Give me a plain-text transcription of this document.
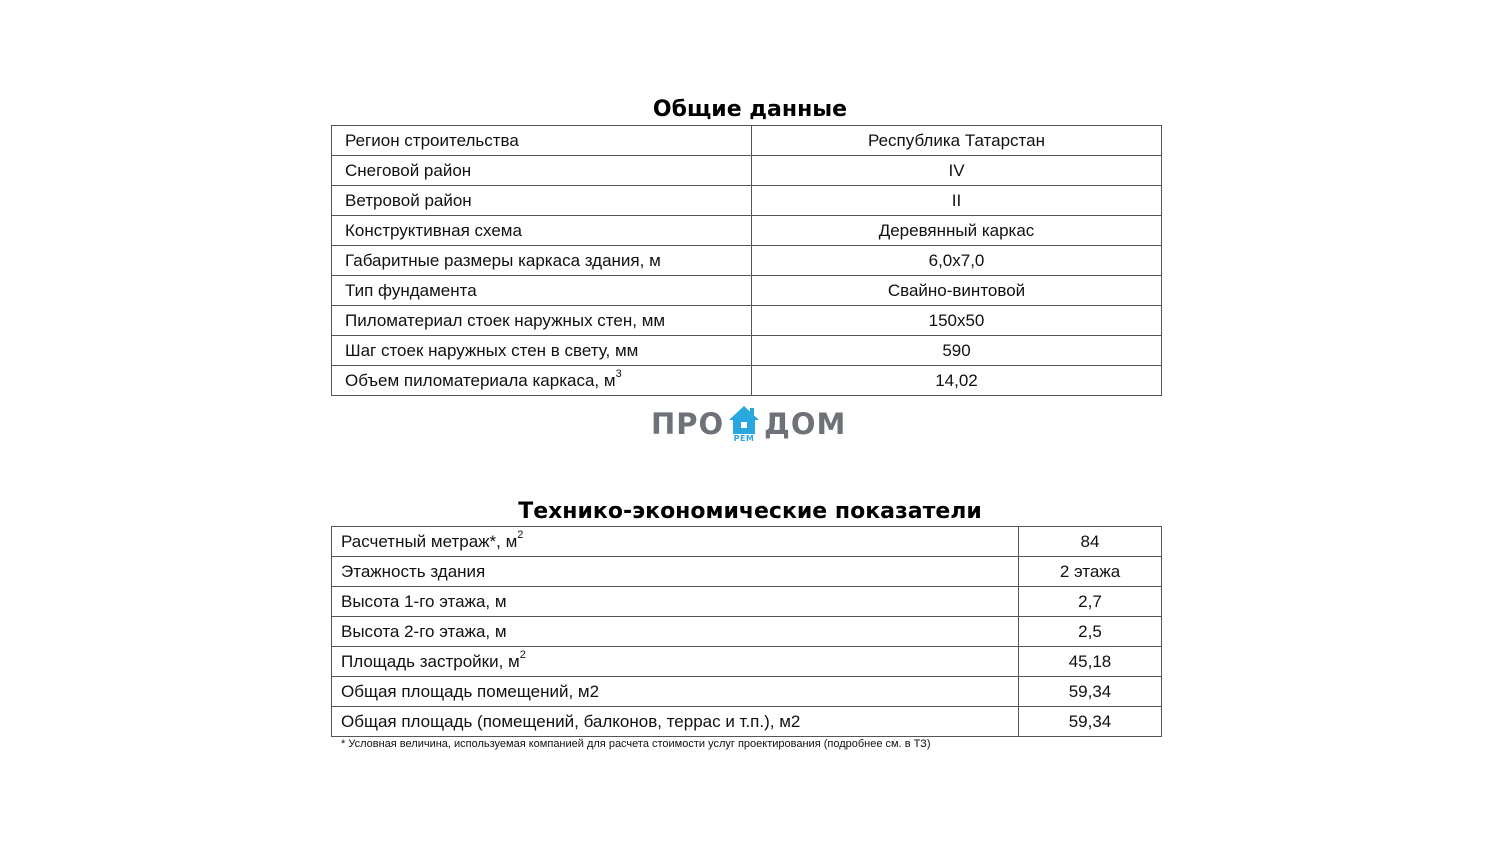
Общие данные
Регион строительства	Республика Татарстан
Снеговой район	IV
Ветровой район	II
Конструктивная схема	Деревянный каркас
Габаритные размеры каркаса здания, м	6,0х7,0
Тип фундамента	Свайно-винтовой
Пиломатериал стоек наружных стен, мм	150х50
Шаг стоек наружных стен в свету, мм	590
Объем пиломатериала каркаса, $м^3$	14,02
ПРО	РЕМ ДОМ
Технико-экономические показатели
Расчетный метраж*, $м^2$	84
Этажность здания	2 этажа
Высота 1-го этажа, м	2,7
Высота 2-го этажа, м	2,5
Площадь застройки, $м^2$	45,18
Общая площадь помещений, м2	59,34
Общая площадь (помещений, балконов, террас и т.п.), м2	59,34
* Условная величина, используемая компанией для расчета стоимости услуг проектирования (подробнее см. в ТЗ)
